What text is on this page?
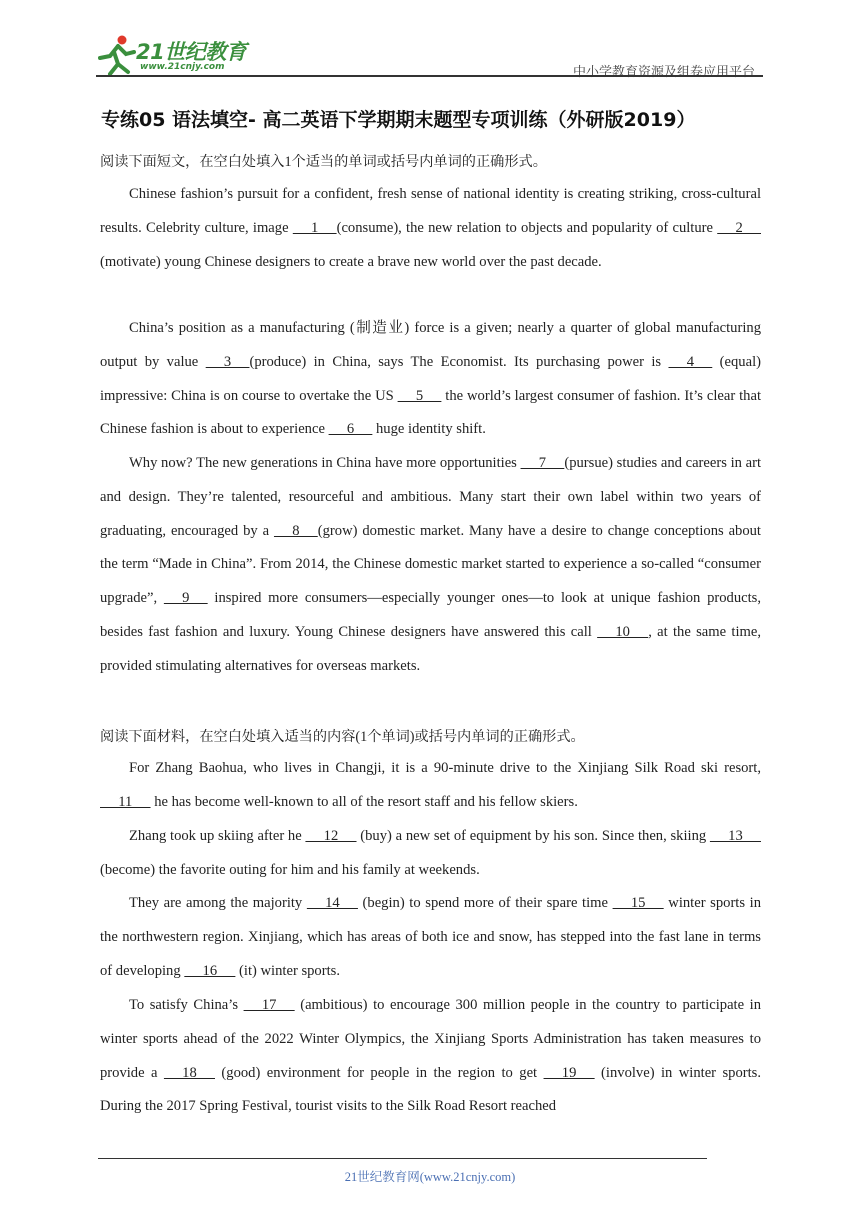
21世纪教育
www.21cnjy.com	中小学教育资源及组卷应用平台
专练05 语法填空- 高二英语下学期期末题型专项训练（外研版2019）
阅读下面短文，在空白处填入1个适当的单词或括号内单词的正确形式。
Chinese fashion’s pursuit for a confident, fresh sense of national identity is creating striking, cross-cultural results. Celebrity culture, image      1     (consume), the new relation to objects and popularity of culture      2     (motivate) young Chinese designers to create a brave new world over the past decade.
China’s position as a manufacturing (制造业) force is a given; nearly a quarter of global manufacturing output by value      3     (produce) in China, says The Economist. Its purchasing power is      4      (equal) impressive: China is on course to overtake the US      5      the world’s largest consumer of fashion. It’s clear that Chinese fashion is about to experience      6      huge identity shift.
Why now? The new generations in China have more opportunities      7     (pursue) studies and careers in art and design. They’re talented, resourceful and ambitious. Many start their own label within two years of graduating, encouraged by a      8     (grow) domestic market. Many have a desire to change conceptions about the term “Made in China”. From 2014, the Chinese domestic market started to experience a so-called “consumer upgrade”,      9      inspired more consumers—especially younger ones—to look at unique fashion products, besides fast fashion and luxury. Young Chinese designers have answered this call      10     , at the same time, provided stimulating alternatives for overseas markets.
阅读下面材料，在空白处填入适当的内容(1个单词)或括号内单词的正确形式。
For Zhang Baohua, who lives in Changji, it is a 90-minute drive to the Xinjiang Silk Road ski resort,      11      he has become well-known to all of the resort staff and his fellow skiers.
Zhang took up skiing after he      12      (buy) a new set of equipment by his son. Since then, skiing      13      (become) the favorite outing for him and his family at weekends.
They are among the majority      14      (begin) to spend more of their spare time      15      winter sports in the northwestern region. Xinjiang, which has areas of both ice and snow, has stepped into the fast lane in terms of developing      16      (it) winter sports.
To satisfy China’s      17      (ambitious) to encourage 300 million people in the country to participate in winter sports ahead of the 2022 Winter Olympics, the Xinjiang Sports Administration has taken measures to provide a      18      (good) environment for people in the region to get      19      (involve) in winter sports. During the 2017 Spring Festival, tourist visits to the Silk Road Resort reached
21世纪教育网(www.21cnjy.com)
